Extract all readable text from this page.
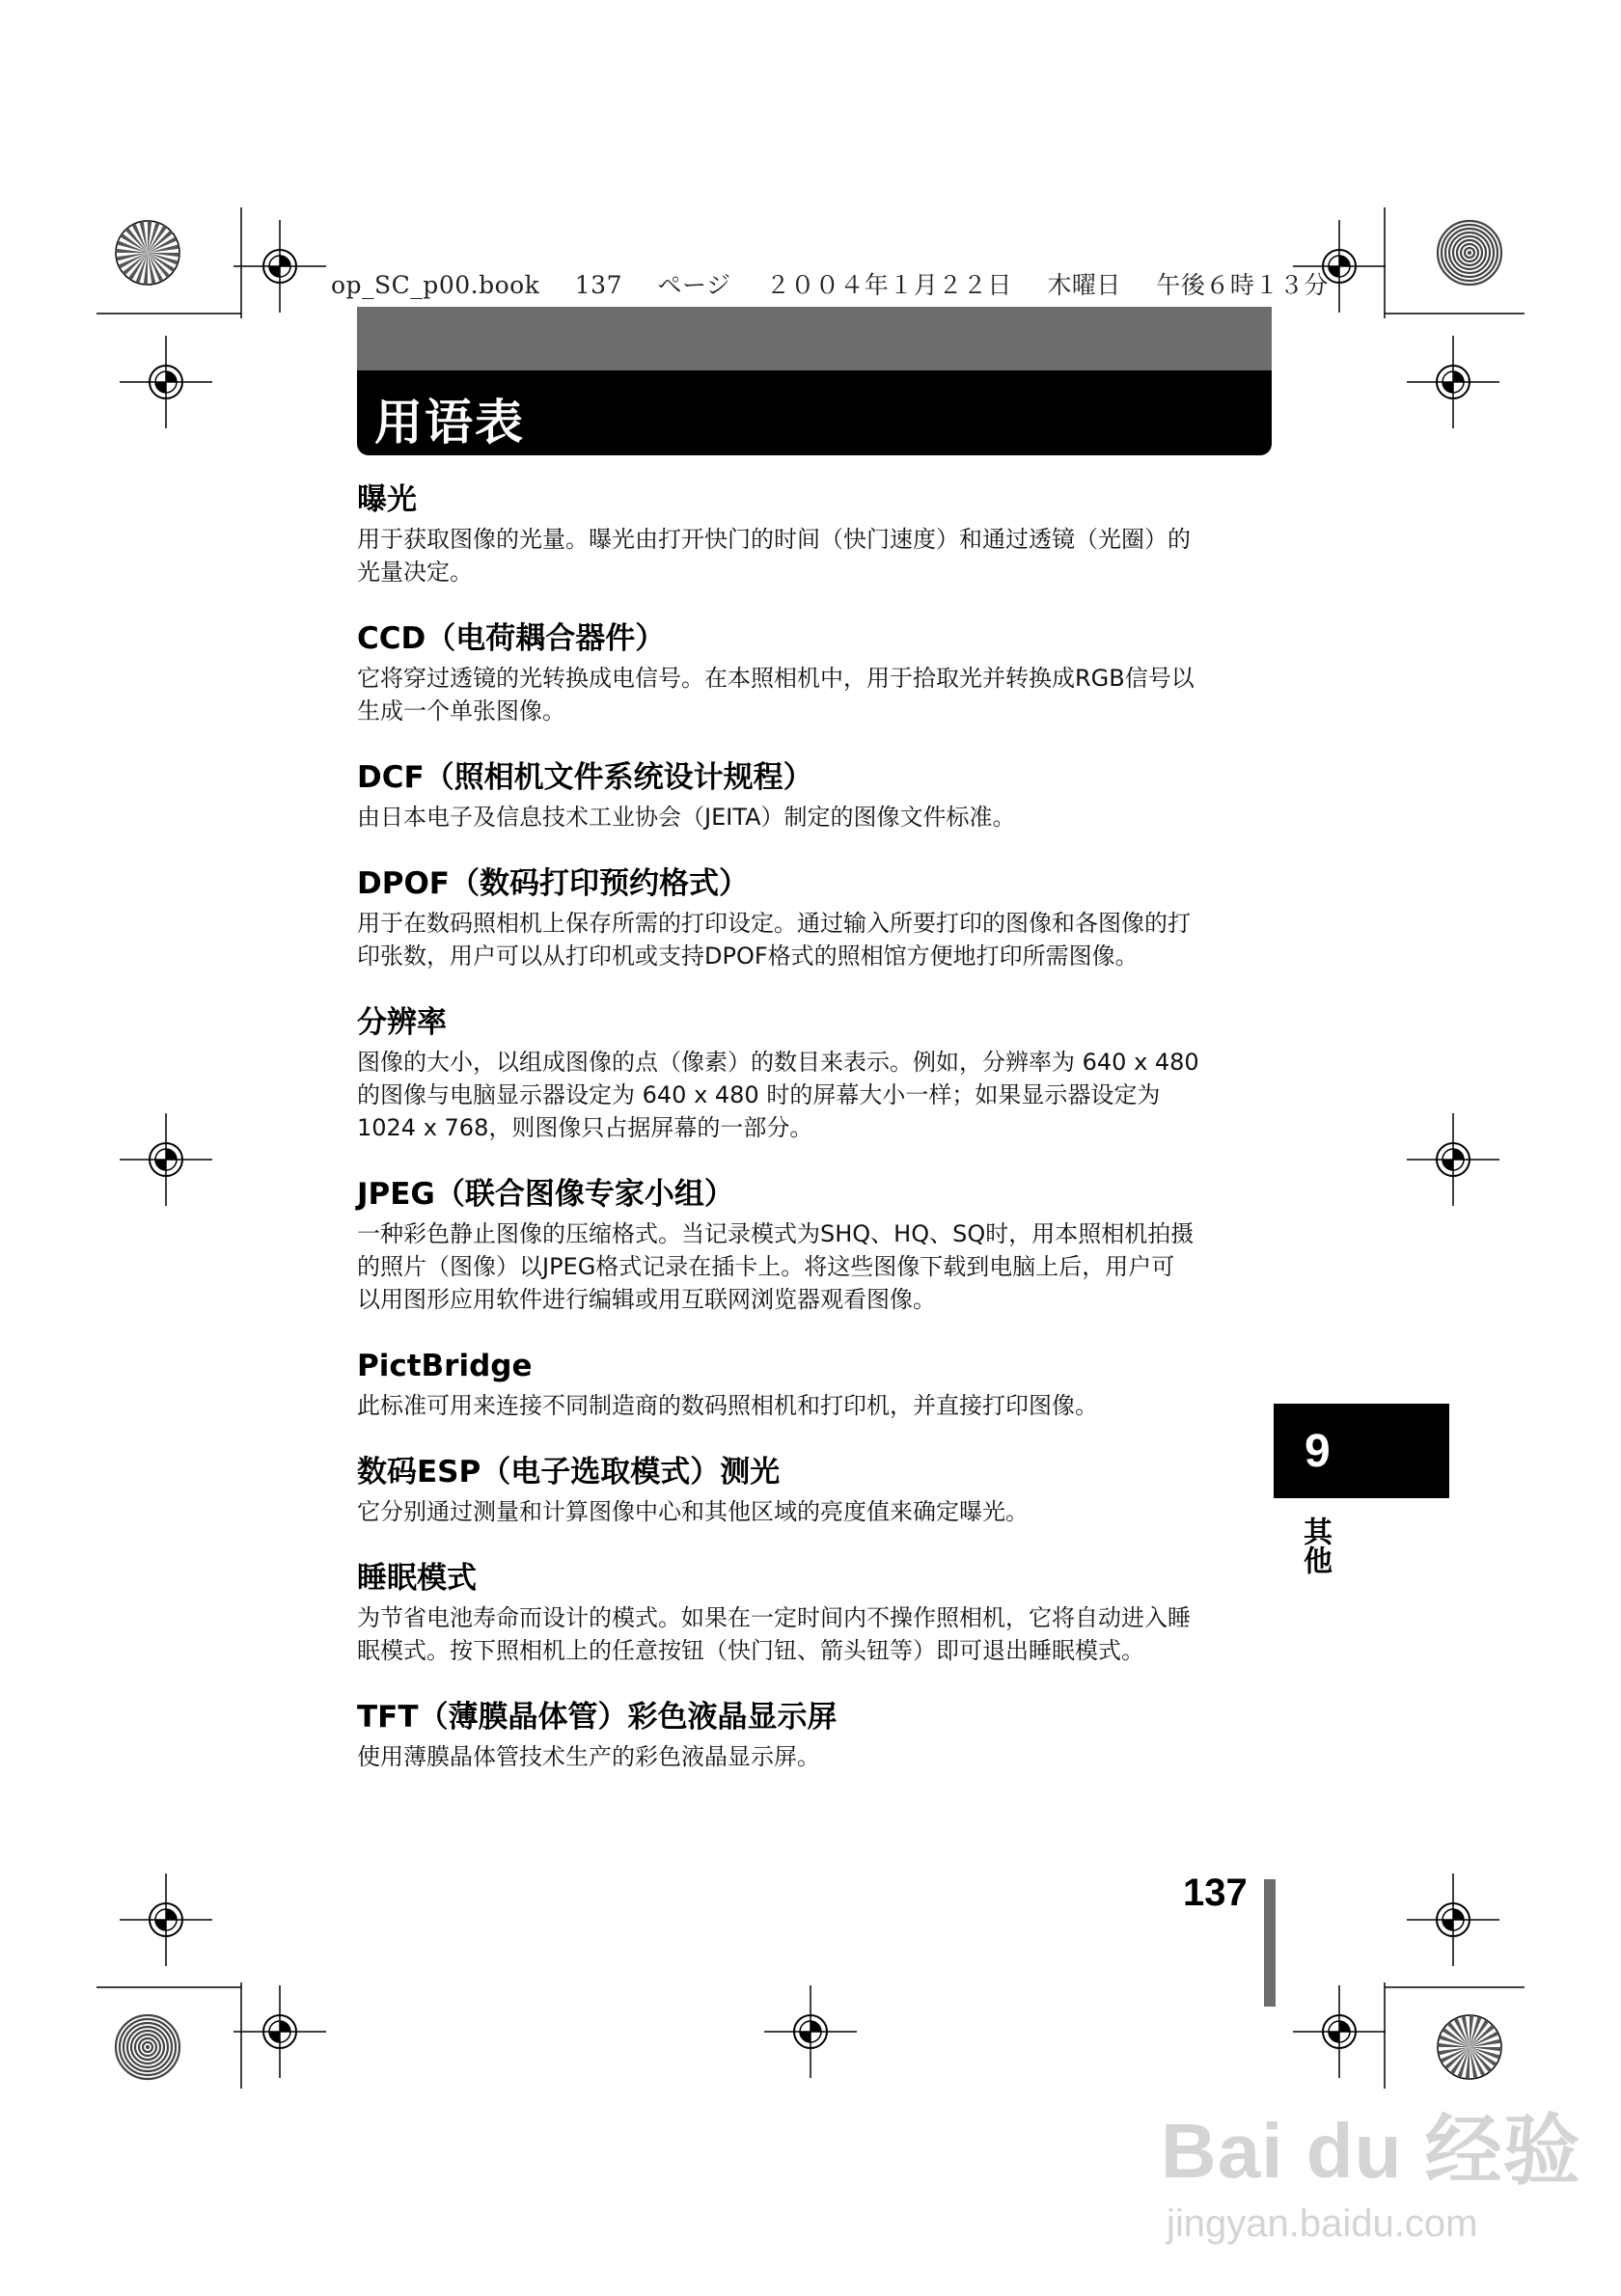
op_SC_p00.book 137 ページ ２００４年１月２２日 木曜日 午後６時１３分
用语表
曝光

用于获取图像的光量。曝光由打开快门的时间（快门速度）和通过透镜（光圈）的

光量决定。

CCD（电荷耦合器件）

它将穿过透镜的光转换成电信号。在本照相机中，用于拾取光并转换成RGB信号以

生成一个单张图像。

DCF（照相机文件系统设计规程）

由日本电子及信息技术工业协会（JEITA）制定的图像文件标准。

DPOF（数码打印预约格式）

用于在数码照相机上保存所需的打印设定。通过输入所要打印的图像和各图像的打

印张数，用户可以从打印机或支持DPOF格式的照相馆方便地打印所需图像。

分辨率

图像的大小，以组成图像的点（像素）的数目来表示。例如，分辨率为 640 x 480

的图像与电脑显示器设定为 640 x 480 时的屏幕大小一样；如果显示器设定为

1024 x 768，则图像只占据屏幕的一部分。

JPEG（联合图像专家小组）

一种彩色静止图像的压缩格式。当记录模式为SHQ、HQ、SQ时，用本照相机拍摄

的照片（图像）以JPEG格式记录在插卡上。将这些图像下载到电脑上后，用户可

以用图形应用软件进行编辑或用互联网浏览器观看图像。

PictBridge

此标准可用来连接不同制造商的数码照相机和打印机，并直接打印图像。

数码ESP（电子选取模式）测光

它分别通过测量和计算图像中心和其他区域的亮度值来确定曝光。

睡眠模式

为节省电池寿命而设计的模式。如果在一定时间内不操作照相机，它将自动进入睡

眠模式。按下照相机上的任意按钮（快门钮、箭头钮等）即可退出睡眠模式。

TFT（薄膜晶体管）彩色液晶显示屏

使用薄膜晶体管技术生产的彩色液晶显示屏。

9
其他
137
Bai du 经验
jingyan.baidu.com
